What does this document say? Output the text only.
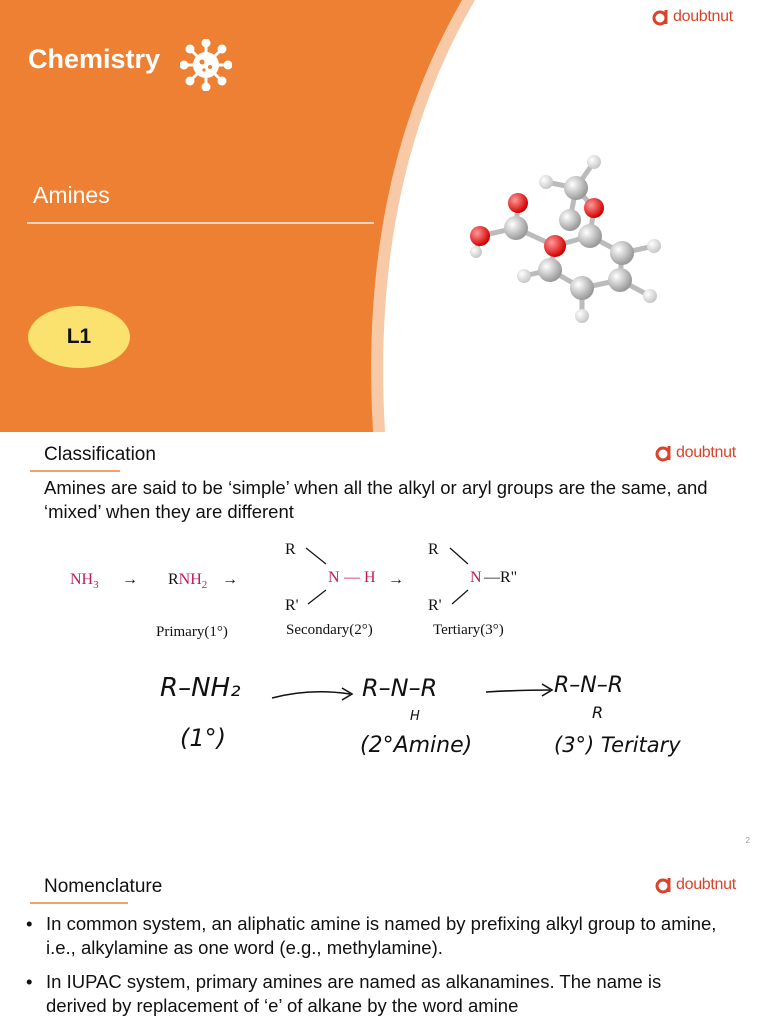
Chemistry
Amines
L1
doubtnut
Classification	doubtnut
Amines are said to be ‘simple’ when all the alkyl or aryl groups are the same, and ‘mixed’ when they are different
$NH_3 \to RNH_2$ →
R
N — H
R'
→
R
N —R"
R'
Primary(1°)	Secondary(2°)	Tertiary(3°)
R–NH₂
(1°)
R–N–R
H
(2°Amine)
R–N–R
R
(3°) Teritary
2
Nomenclature	doubtnut
• In common system, an aliphatic amine is named by prefixing alkyl group to amine, i.e., alkylamine as one word (e.g., methylamine).
• In IUPAC system, primary amines are named as alkanamines. The name is derived by replacement of ‘e’ of alkane by the word amine
